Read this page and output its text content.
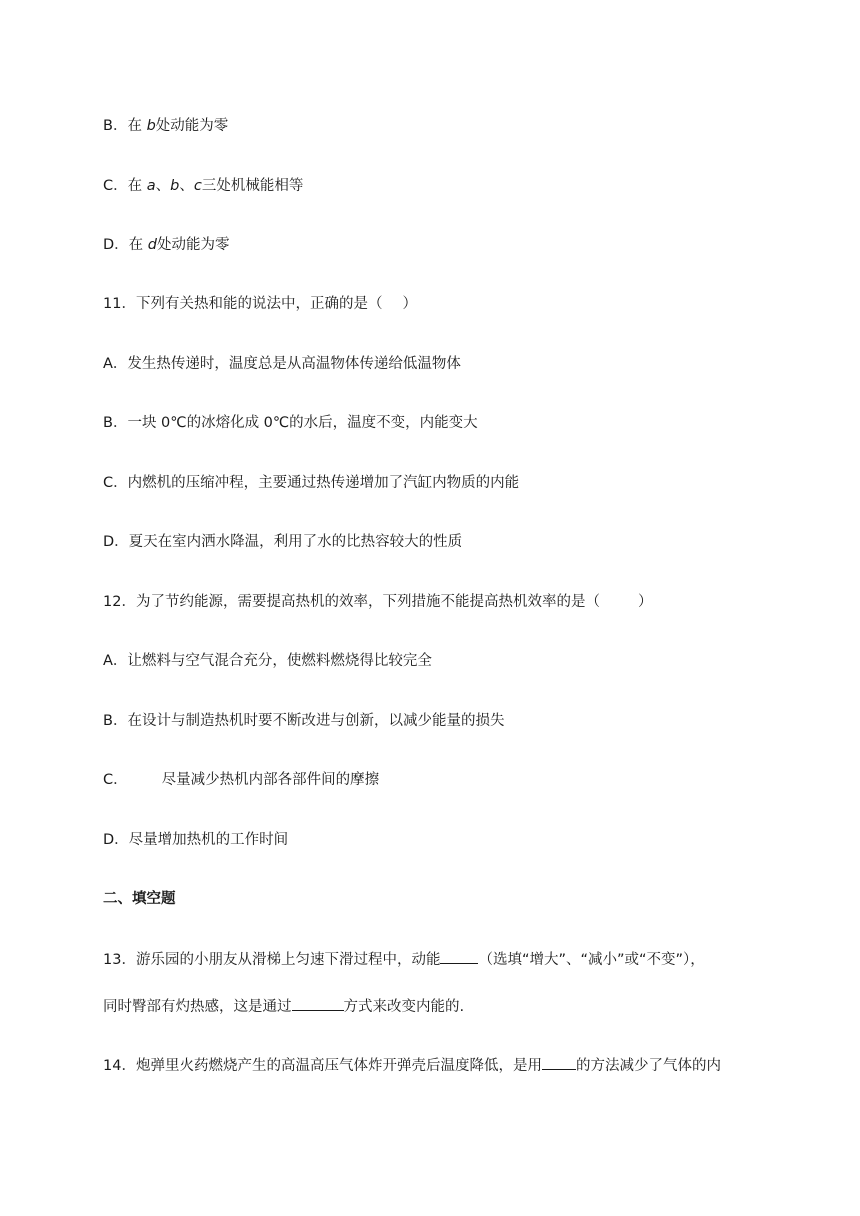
B．在 b处动能为零
C．在 a、b、c三处机械能相等
D．在 d处动能为零
11．下列有关热和能的说法中，正确的是（ ）
A．发生热传递时，温度总是从高温物体传递给低温物体
B．一块 0℃的冰熔化成 0℃的水后，温度不变，内能变大
C．内燃机的压缩冲程，主要通过热传递增加了汽缸内物质的内能
D．夏天在室内洒水降温，利用了水的比热容较大的性质
12．为了节约能源，需要提高热机的效率，下列措施不能提高热机效率的是（	）
A．让燃料与空气混合充分，使燃料燃烧得比较完全
B．在设计与制造热机时要不断改进与创新，以减少能量的损失
C． 尽量减少热机内部各部件间的摩擦
D．尽量增加热机的工作时间
二、填空题
13．游乐园的小朋友从滑梯上匀速下滑过程中，动能	（选填“增大”、“减小”或“不变”），
同时臀部有灼热感，这是通过	方式来改变内能的.
14．炮弹里火药燃烧产生的高温高压气体炸开弹壳后温度降低，是用 的方法减少了气体的内
